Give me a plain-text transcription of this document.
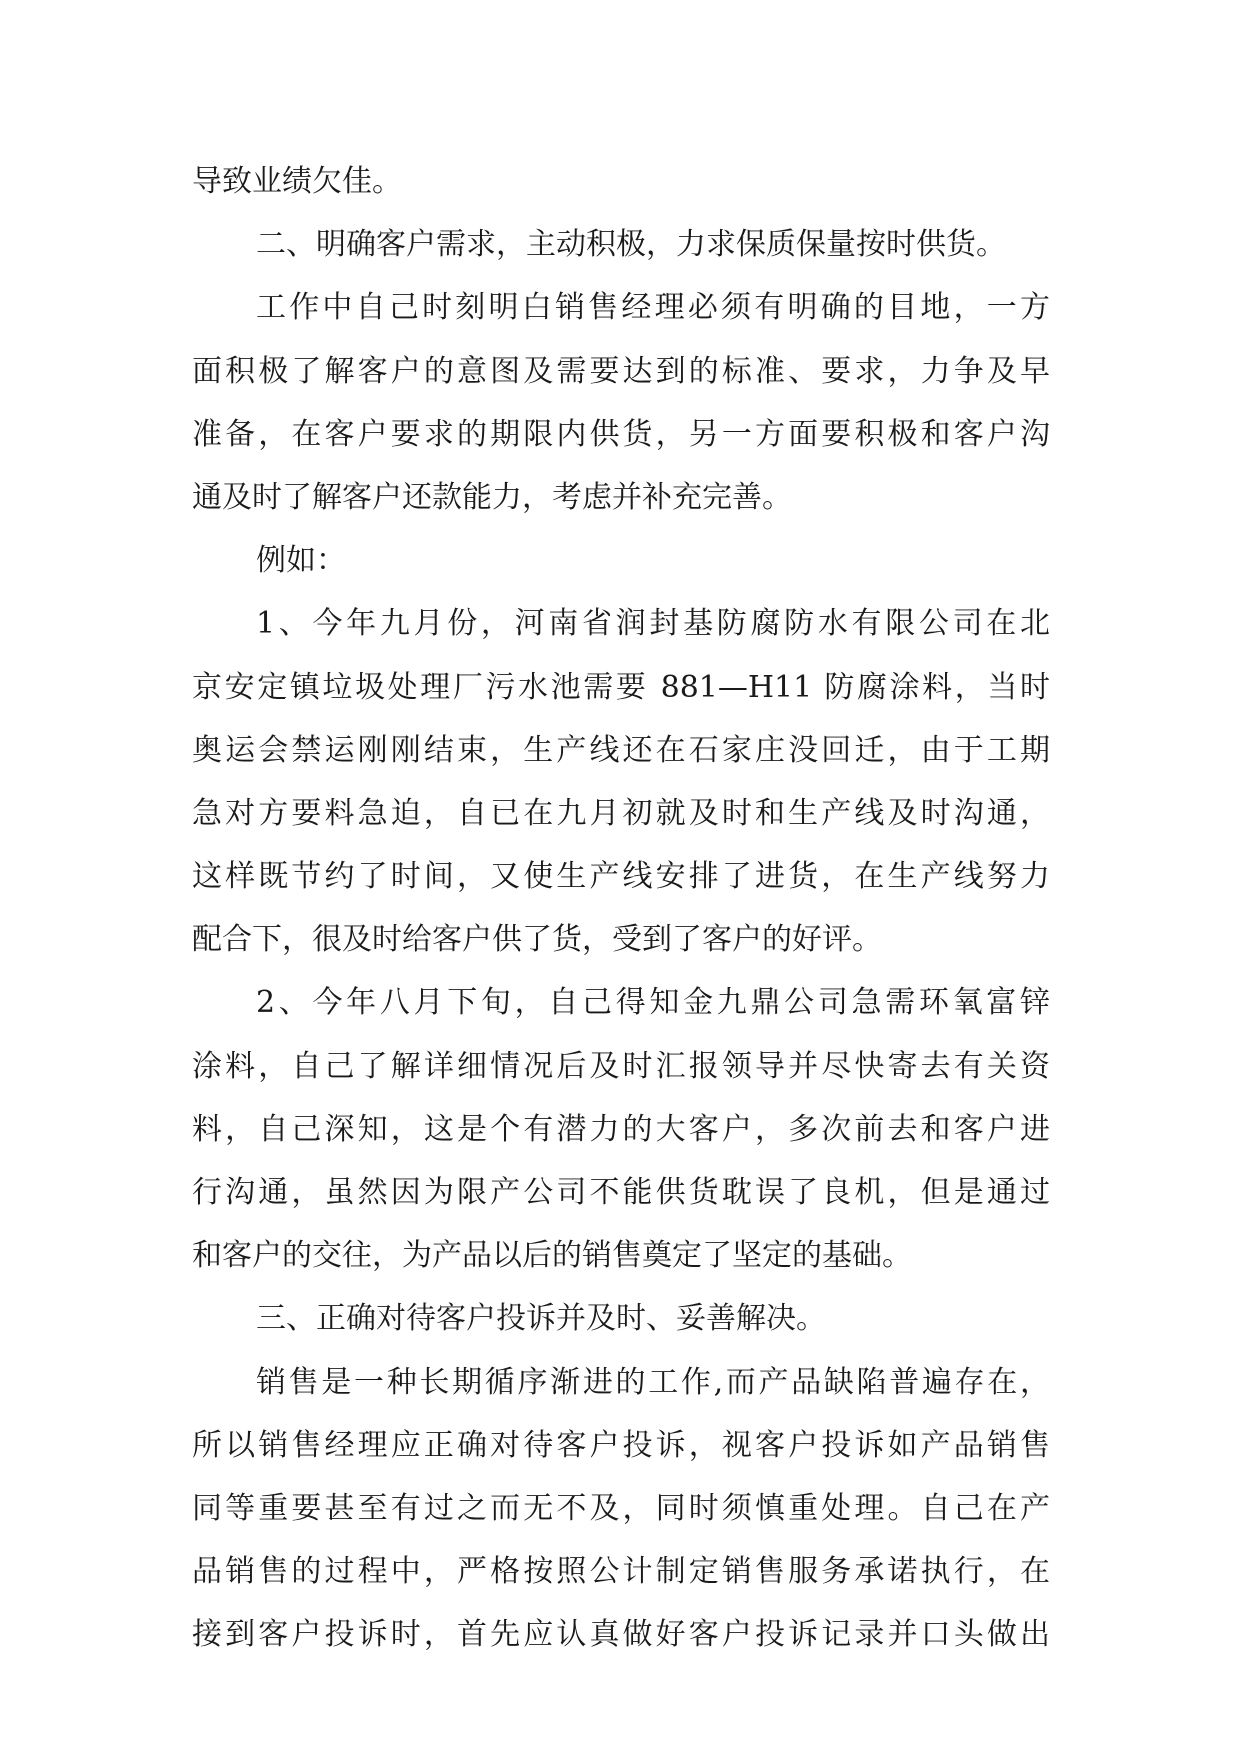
导致业绩欠佳。
二、明确客户需求，主动积极，力求保质保量按时供货。
工作中自己时刻明白销售经理必须有明确的目地，一方
面积极了解客户的意图及需要达到的标准、要求，力争及早
准备，在客户要求的期限内供货，另一方面要积极和客户沟
通及时了解客户还款能力，考虑并补充完善。
例如：
1、今年九月份，河南省润封基防腐防水有限公司在北
京安定镇垃圾处理厂污水池需要 881—H11 防腐涂料，当时
奥运会禁运刚刚结束，生产线还在石家庄没回迁，由于工期
急对方要料急迫，自已在九月初就及时和生产线及时沟通，
这样既节约了时间，又使生产线安排了进货，在生产线努力
配合下，很及时给客户供了货，受到了客户的好评。
2、今年八月下旬，自己得知金九鼎公司急需环氧富锌
涂料，自己了解详细情况后及时汇报领导并尽快寄去有关资
料，自己深知，这是个有潜力的大客户，多次前去和客户进
行沟通，虽然因为限产公司不能供货耽误了良机，但是通过
和客户的交往，为产品以后的销售奠定了坚定的基础。
三、正确对待客户投诉并及时、妥善解决。
销售是一种长期循序渐进的工作,而产品缺陷普遍存在，
所以销售经理应正确对待客户投诉，视客户投诉如产品销售
同等重要甚至有过之而无不及，同时须慎重处理。自己在产
品销售的过程中，严格按照公计制定销售服务承诺执行，在
接到客户投诉时，首先应认真做好客户投诉记录并口头做出
